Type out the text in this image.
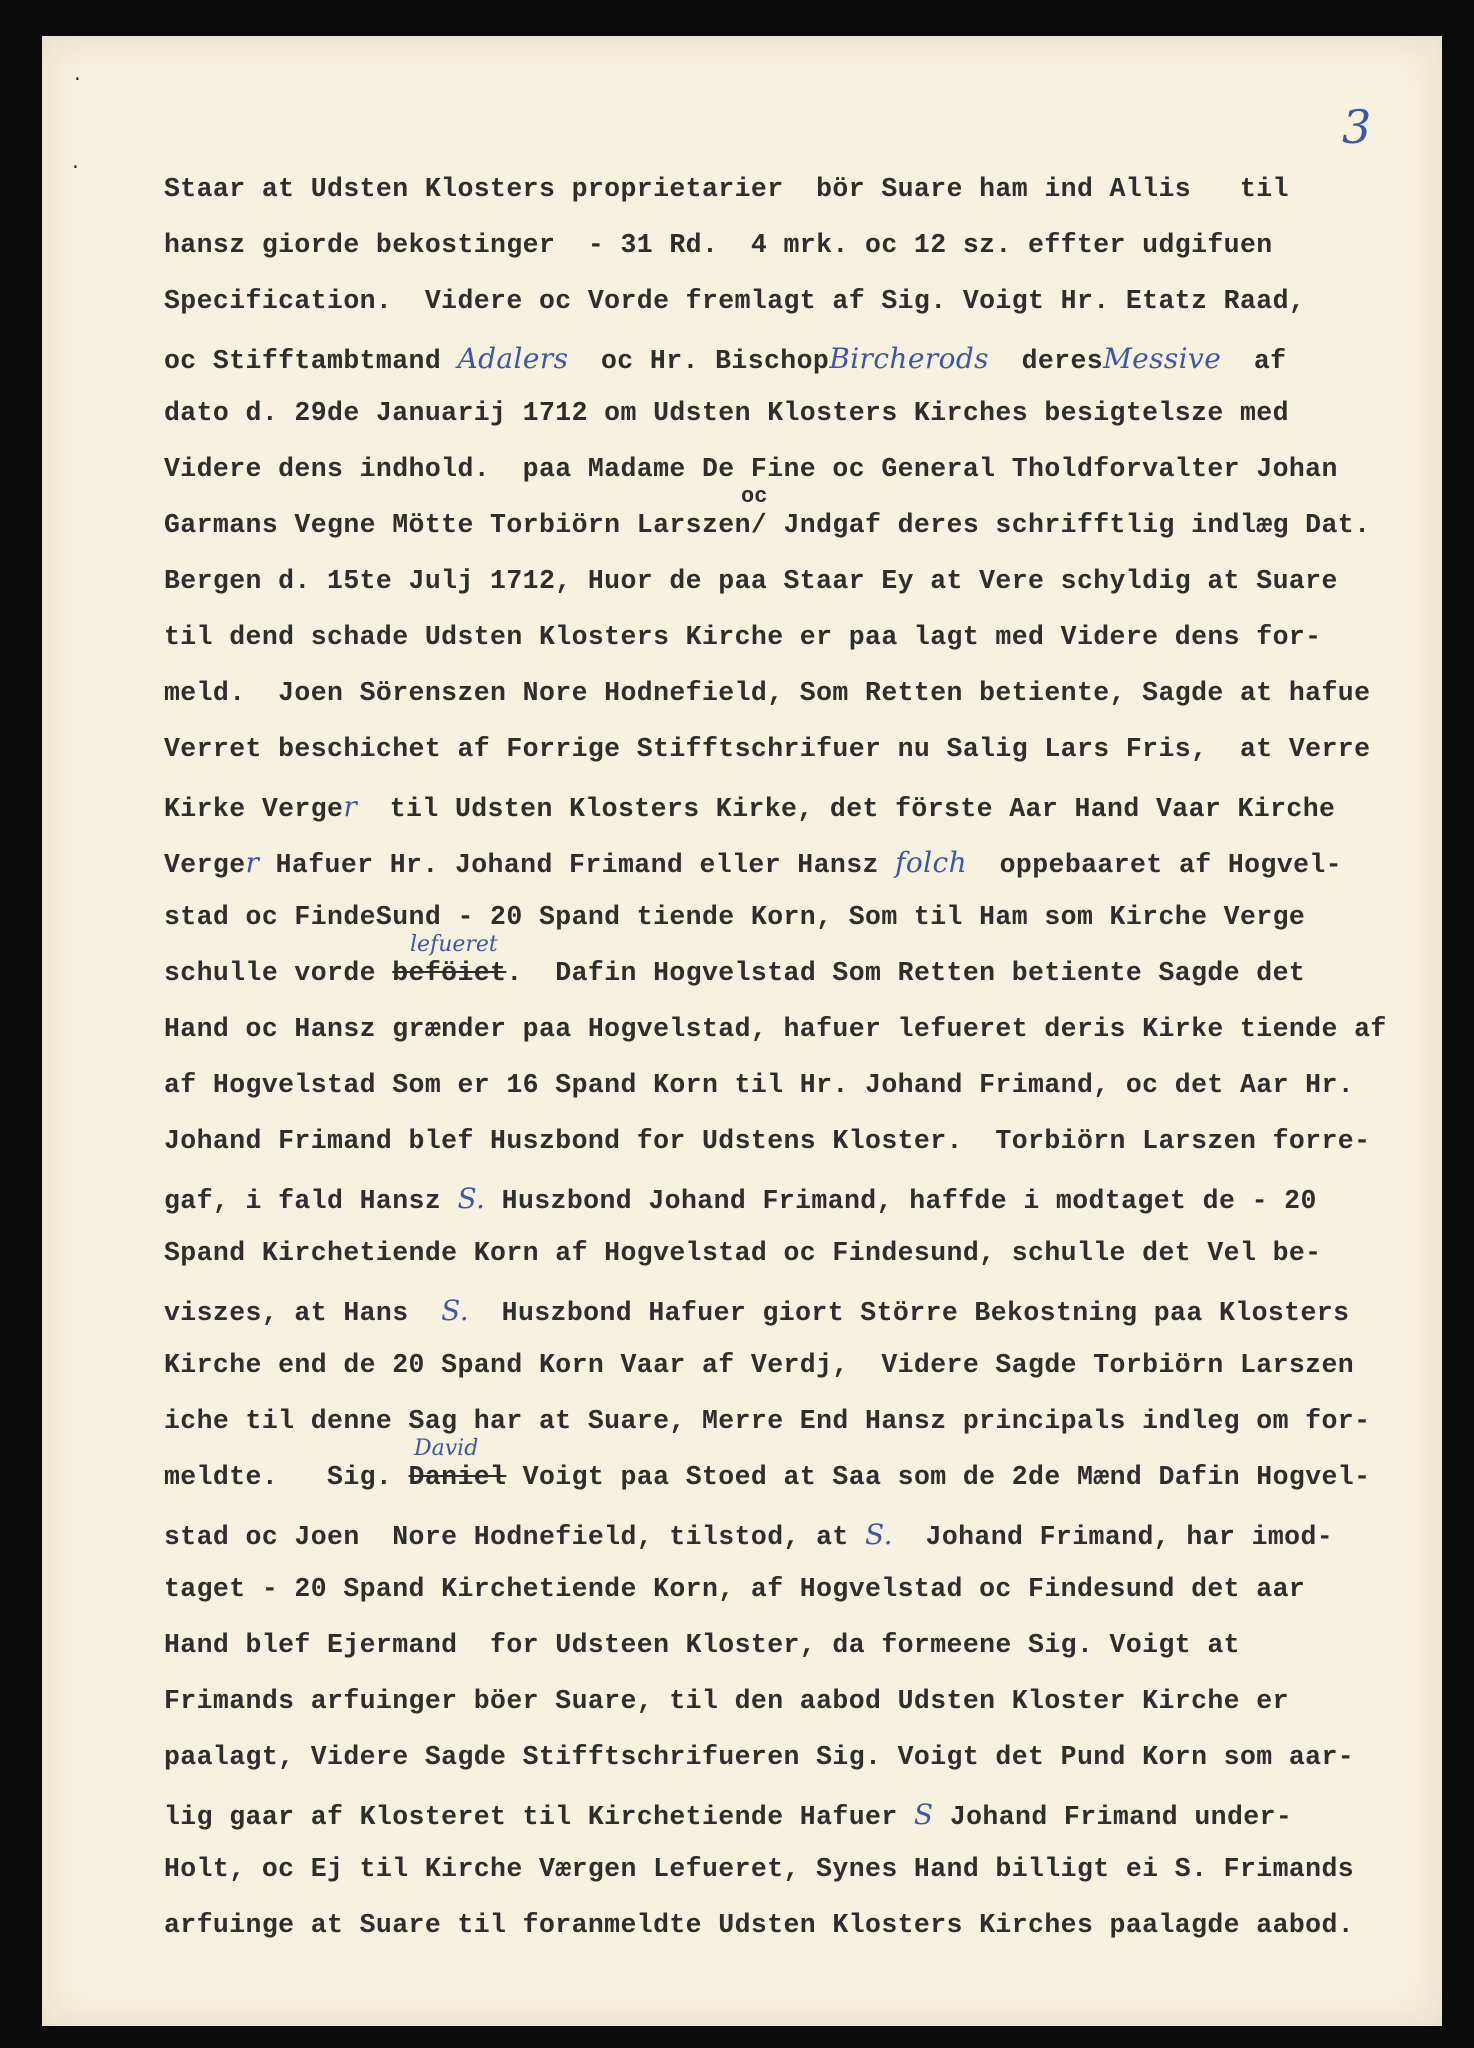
3
.
.
Staar at Udsten Klosters proprietarier  bör Suare ham ind Allis   til
hansz giorde bekostinger  - 31 Rd.  4 mrk. oc 12 sz. effter udgifuen
Specification.  Videre oc Vorde fremlagt af Sig. Voigt Hr. Etatz Raad,
oc Stifftambtmand Adalers  oc Hr. BischopBircherods  deresMessive  af
dato d. 29de Januarij 1712 om Udsten Klosters Kirches besigtelsze med
Videre dens indhold.  paa Madame De Fine oc General Tholdforvalter Johan
oc
Garmans Vegne Mötte Torbiörn Larszen/ Jndgaf deres schrifftlig indlæg Dat.
Bergen d. 15te Julj 1712, Huor de paa Staar Ey at Vere schyldig at Suare
til dend schade Udsten Klosters Kirche er paa lagt med Videre dens for-
meld.  Joen Sörenszen Nore Hodnefield, Som Retten betiente, Sagde at hafue
Verret beschichet af Forrige Stifftschrifuer nu Salig Lars Fris,  at Verre
Kirke Verger  til Udsten Klosters Kirke, det förste Aar Hand Vaar Kirche
Verger Hafuer Hr. Johand Frimand eller Hansz folch  oppebaaret af Hogvel-
stad oc FindeSund - 20 Spand tiende Korn, Som til Ham som Kirche Verge
lefueret
schulle vorde beföiet.  Dafin Hogvelstad Som Retten betiente Sagde det
Hand oc Hansz grænder paa Hogvelstad, hafuer lefueret deris Kirke tiende af
af Hogvelstad Som er 16 Spand Korn til Hr. Johand Frimand, oc det Aar Hr.
Johand Frimand blef Huszbond for Udstens Kloster.  Torbiörn Larszen forre-
gaf, i fald Hansz S. Huszbond Johand Frimand, haffde i modtaget de - 20
Spand Kirchetiende Korn af Hogvelstad oc Findesund, schulle det Vel be-
viszes, at Hans  S.  Huszbond Hafuer giort Större Bekostning paa Klosters
Kirche end de 20 Spand Korn Vaar af Verdj,  Videre Sagde Torbiörn Larszen
iche til denne Sag har at Suare, Merre End Hansz principals indleg om for-
David
meldte.   Sig. Daniel Voigt paa Stoed at Saa som de 2de Mænd Dafin Hogvel-
stad oc Joen  Nore Hodnefield, tilstod, at S.  Johand Frimand, har imod-
taget - 20 Spand Kirchetiende Korn, af Hogvelstad oc Findesund det aar
Hand blef Ejermand  for Udsteen Kloster, da formeene Sig. Voigt at
Frimands arfuinger böer Suare, til den aabod Udsten Kloster Kirche er
paalagt, Videre Sagde Stifftschrifueren Sig. Voigt det Pund Korn som aar-
lig gaar af Klosteret til Kirchetiende Hafuer S Johand Frimand under-
Holt, oc Ej til Kirche Værgen Lefueret, Synes Hand billigt ei S. Frimands
arfuinge at Suare til foranmeldte Udsten Klosters Kirches paalagde aabod.
